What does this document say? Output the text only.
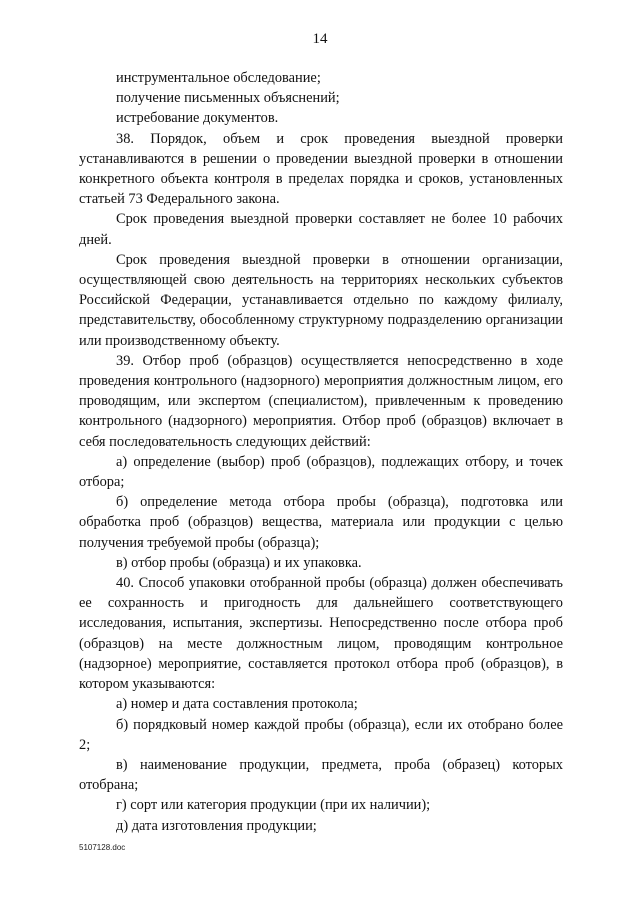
14

инструментальное обследование;

получение письменных объяснений;

истребование документов.

38. Порядок, объем и срок проведения выездной проверки устанавливаются в решении о проведении выездной проверки в отношении конкретного объекта контроля в пределах порядка и сроков, установленных статьей 73 Федерального закона.

Срок проведения выездной проверки составляет не более 10 рабочих дней.

Срок проведения выездной проверки в отношении организации, осуществляющей свою деятельность на территориях нескольких субъектов Российской Федерации, устанавливается отдельно по каждому филиалу, представительству, обособленному структурному подразделению организации или производственному объекту.

39. Отбор проб (образцов) осуществляется непосредственно в ходе проведения контрольного (надзорного) мероприятия должностным лицом, его проводящим, или экспертом (специалистом), привлеченным к проведению контрольного (надзорного) мероприятия. Отбор проб (образцов) включает в себя последовательность следующих действий:

а) определение (выбор) проб (образцов), подлежащих отбору, и точек отбора;

б) определение метода отбора пробы (образца), подготовка или обработка проб (образцов) вещества, материала или продукции с целью получения требуемой пробы (образца);

в) отбор пробы (образца) и их упаковка.

40. Способ упаковки отобранной пробы (образца) должен обеспечивать ее сохранность и пригодность для дальнейшего соответствующего исследования, испытания, экспертизы. Непосредственно после отбора проб (образцов) на месте должностным лицом, проводящим контрольное (надзорное) мероприятие, составляется протокол отбора проб (образцов), в котором указываются:

а) номер и дата составления протокола;

б) порядковый номер каждой пробы (образца), если их отобрано более 2;

в) наименование продукции, предмета, проба (образец) которых отобрана;

г) сорт или категория продукции (при их наличии);

д) дата изготовления продукции;

5107128.doc
